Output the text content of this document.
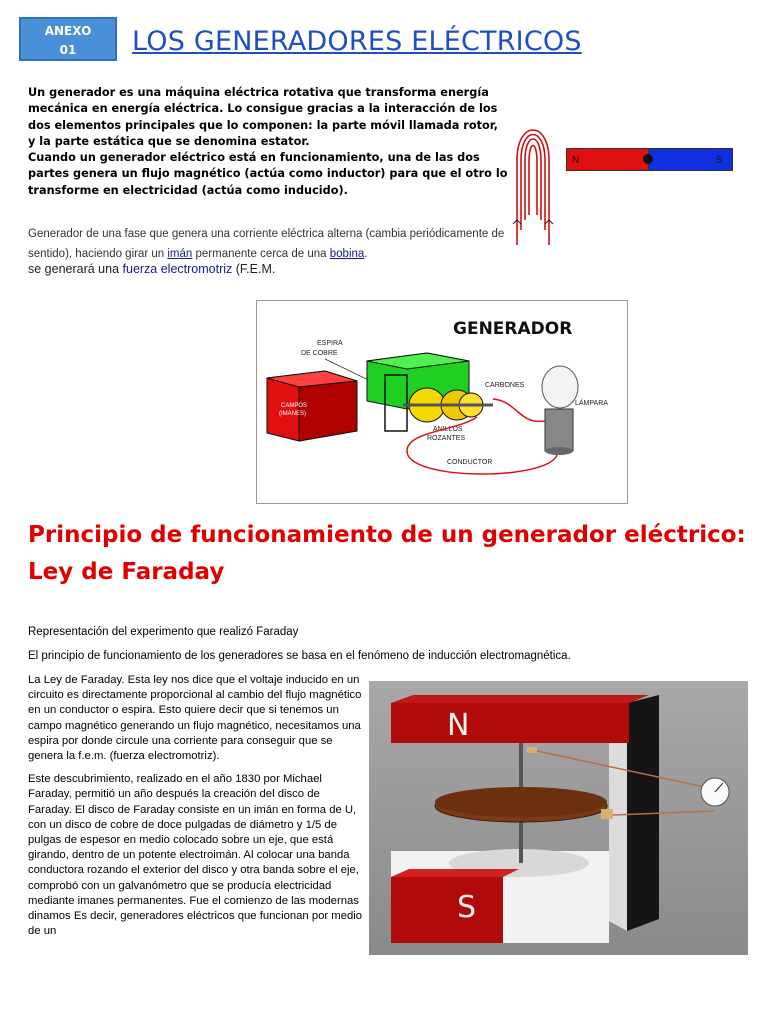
ANEXO
01	LOS GENERADORES ELÉCTRICOS

Un generador es una máquina eléctrica rotativa que transforma energía mecánica en energía eléctrica. Lo consigue gracias a la interacción de los dos elementos principales que lo componen: la parte móvil llamada rotor, y la parte estática que se denomina estator.

Cuando un generador eléctrico está en funcionamiento, una de las dos partes genera un flujo magnético (actúa como inductor) para que el otro lo transforme en electricidad (actúa como inducido).

Generador de una fase que genera una corriente eléctrica alterna (cambia periódicamente de sentido), haciendo girar un imán permanente cerca de una bobina.
se generará una fuerza electromotriz (F.E.M.
N	S
GENERADOR
ESPIRA
DE COBRE
CAMPOS
(IMANES)
CARBONES
ANILLOS
ROZANTES
LÁMPARA
CONDUCTOR
Principio de funcionamiento de un generador eléctrico: Ley de Faraday
Representación del experimento que realizó Faraday
El principio de funcionamiento de los generadores se basa en el fenómeno de inducción electromagnética.

La Ley de Faraday. Esta ley nos dice que el voltaje inducido en un circuito es directamente proporcional al cambio del flujo magnético en un conductor o espira. Esto quiere decir que si tenemos un campo magnético generando un flujo magnético, necesitamos una espira por donde circule una corriente para conseguir que se genera la f.e.m. (fuerza electromotriz).

Este descubrimiento, realizado en el año 1830 por Michael Faraday, permitió un año después la creación del disco de Faraday. El disco de Faraday consiste en un imán en forma de U, con un disco de cobre de doce pulgadas de diámetro y 1/5 de pulgas de espesor en medio colocado sobre un eje, que está girando, dentro de un potente electroimán. Al colocar una banda conductora rozando el exterior del disco y otra banda sobre el eje, comprobó con un galvanómetro que se producía electricidad mediante imanes permanentes. Fue el comienzo de las modernas dinamos Es decir, generadores eléctricos que funcionan por medio de un

N
S
